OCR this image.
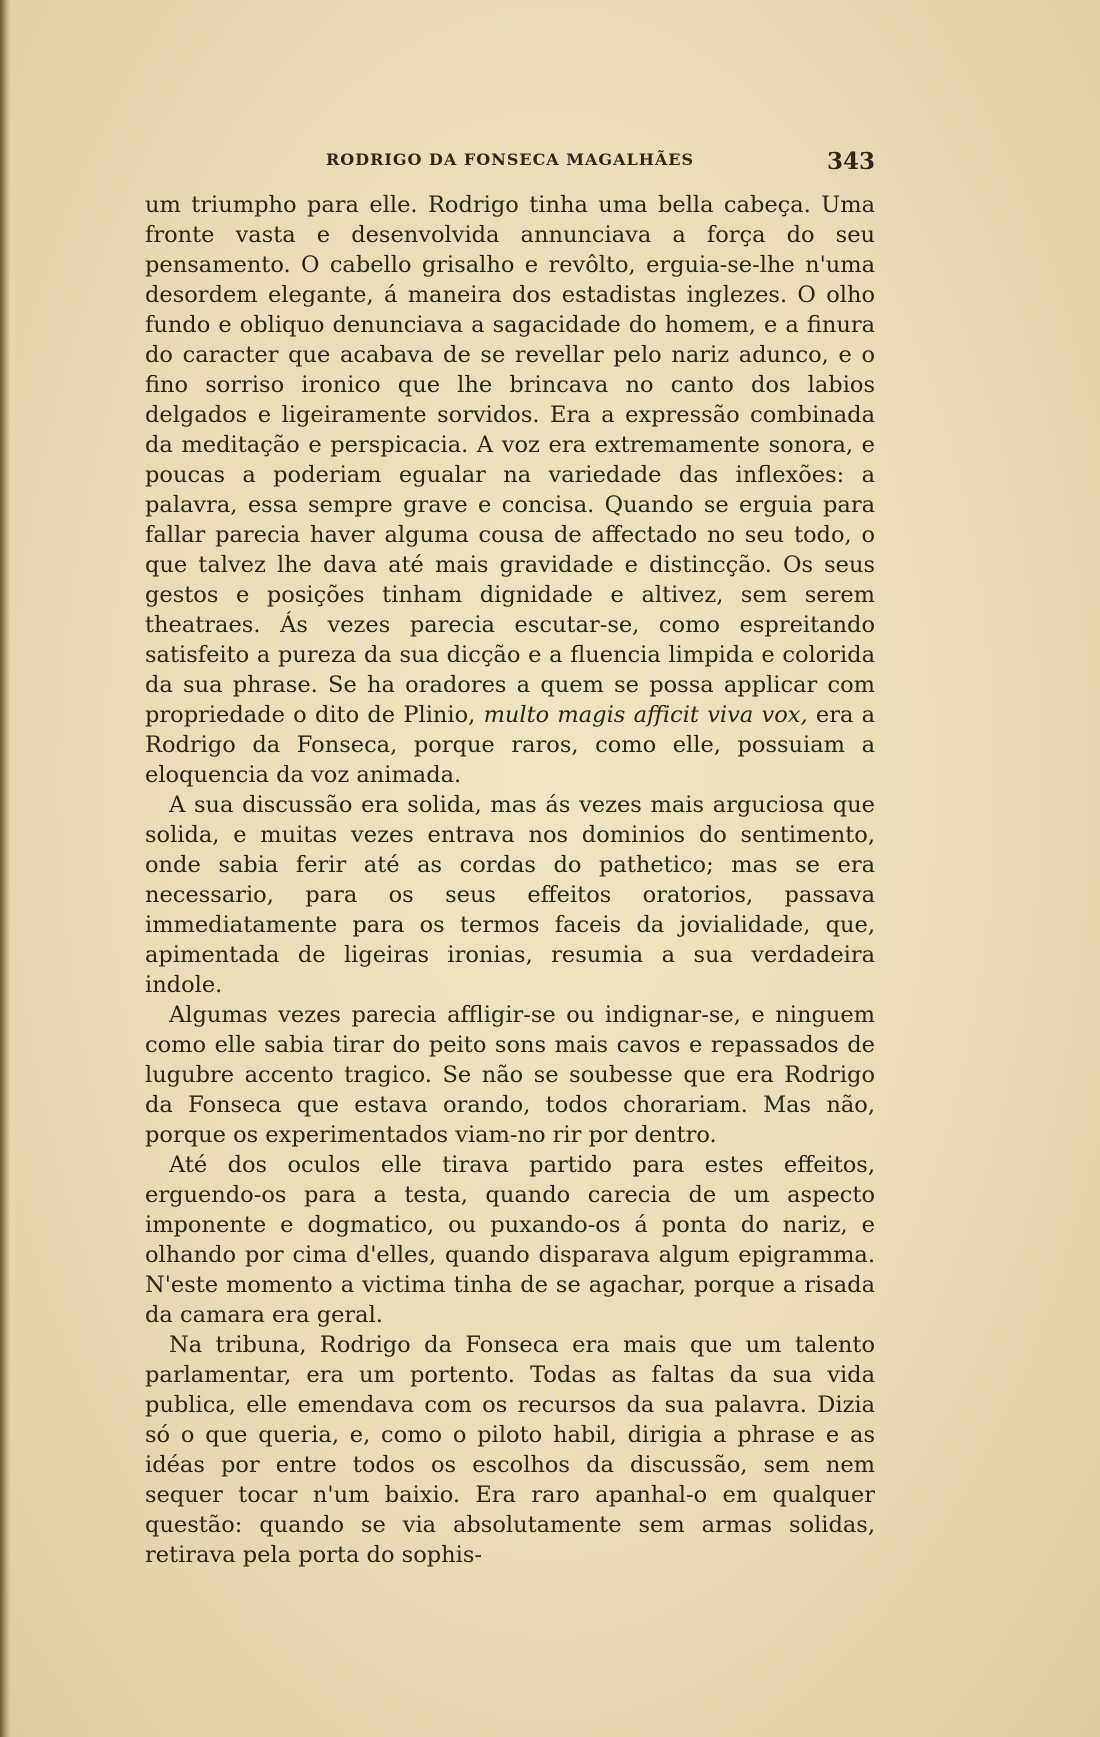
RODRIGO DA FONSECA MAGALHÃES	343

um triumpho para elle. Rodrigo tinha uma bella cabeça. Uma fronte vasta e desenvolvida annunciava a força do seu pensamento. O cabello grisalho e revôlto, erguia-se-lhe n'uma desordem elegante, á maneira dos estadistas inglezes. O olho fundo e obliquo denunciava a sagacidade do homem, e a finura do caracter que acabava de se revellar pelo nariz adunco, e o fino sorriso ironico que lhe brincava no canto dos labios delgados e ligeiramente sorvidos. Era a expressão combinada da meditação e perspicacia. A voz era extremamente sonora, e poucas a poderiam egualar na variedade das inflexões: a palavra, essa sempre grave e concisa. Quando se erguia para fallar parecia haver alguma cousa de affectado no seu todo, o que talvez lhe dava até mais gravidade e distincção. Os seus gestos e posições tinham dignidade e altivez, sem serem theatraes. Ás vezes parecia escutar-se, como espreitando satisfeito a pureza da sua dicção e a fluencia limpida e colorida da sua phrase. Se ha oradores a quem se possa applicar com propriedade o dito de Plinio, multo magis afficit viva vox, era a Rodrigo da Fonseca, porque raros, como elle, possuiam a eloquencia da voz animada.

A sua discussão era solida, mas ás vezes mais arguciosa que solida, e muitas vezes entrava nos dominios do sentimento, onde sabia ferir até as cordas do pathetico; mas se era necessario, para os seus effeitos oratorios, passava immediatamente para os termos faceis da jovialidade, que, apimentada de ligeiras ironias, resumia a sua verdadeira indole.

Algumas vezes parecia affligir-se ou indignar-se, e ninguem como elle sabia tirar do peito sons mais cavos e repassados de lugubre accento tragico. Se não se soubesse que era Rodrigo da Fonseca que estava orando, todos chorariam. Mas não, porque os experimentados viam-no rir por dentro.

Até dos oculos elle tirava partido para estes effeitos, erguendo-os para a testa, quando carecia de um aspecto imponente e dogmatico, ou puxando-os á ponta do nariz, e olhando por cima d'elles, quando disparava algum epigramma. N'este momento a victima tinha de se agachar, porque a risada da camara era geral.

Na tribuna, Rodrigo da Fonseca era mais que um talento parlamentar, era um portento. Todas as faltas da sua vida publica, elle emendava com os recursos da sua palavra. Dizia só o que queria, e, como o piloto habil, dirigia a phrase e as idéas por entre todos os escolhos da discussão, sem nem sequer tocar n'um baixio. Era raro apanhal-o em qualquer questão: quando se via absolutamente sem armas solidas, retirava pela porta do sophis-
